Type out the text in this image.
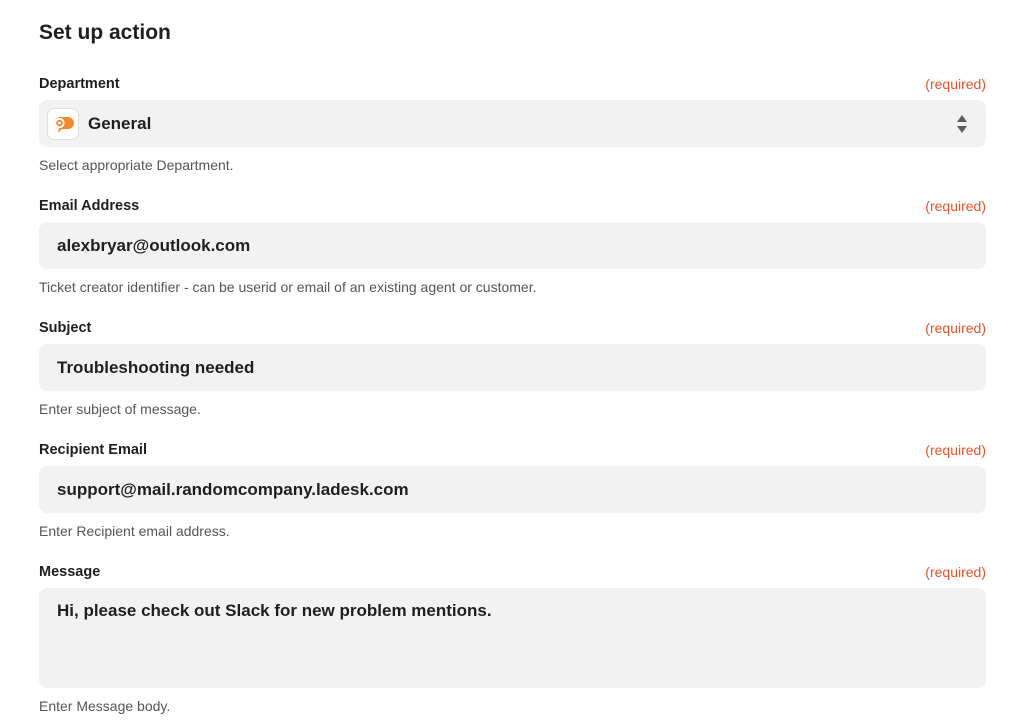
Set up action
Department	(required)
General
Select appropriate Department.
Email Address	(required)
alexbryar@outlook.com
Ticket creator identifier - can be userid or email of an existing agent or customer.
Subject	(required)
Troubleshooting needed
Enter subject of message.
Recipient Email	(required)
support@mail.randomcompany.ladesk.com
Enter Recipient email address.
Message	(required)
Hi, please check out Slack for new problem mentions.
Enter Message body.
